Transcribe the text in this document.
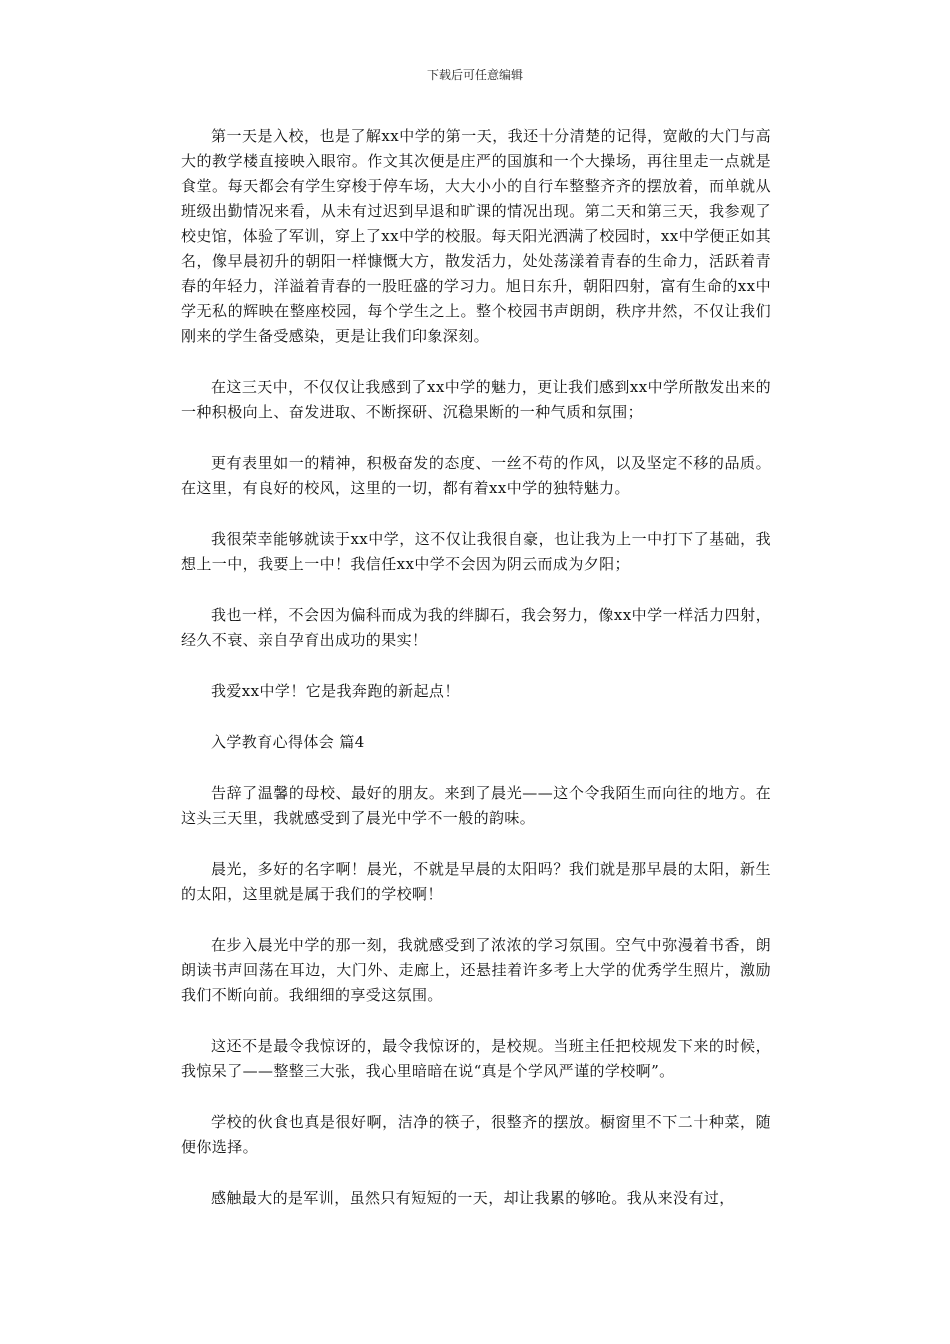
下载后可任意编辑

第一天是入校，也是了解xx中学的第一天，我还十分清楚的记得，宽敞的大门与高大的教学楼直接映入眼帘。作文其次便是庄严的国旗和一个大操场，再往里走一点就是食堂。每天都会有学生穿梭于停车场，大大小小的自行车整整齐齐的摆放着，而单就从班级出勤情况来看，从未有过迟到早退和旷课的情况出现。第二天和第三天，我参观了校史馆，体验了军训，穿上了xx中学的校服。每天阳光洒满了校园时，xx中学便正如其名，像早晨初升的朝阳一样慷慨大方，散发活力，处处荡漾着青春的生命力，活跃着青春的年轻力，洋溢着青春的一股旺盛的学习力。旭日东升，朝阳四射，富有生命的xx中学无私的辉映在整座校园，每个学生之上。整个校园书声朗朗，秩序井然，不仅让我们刚来的学生备受感染，更是让我们印象深刻。

在这三天中，不仅仅让我感到了xx中学的魅力，更让我们感到xx中学所散发出来的一种积极向上、奋发进取、不断探研、沉稳果断的一种气质和氛围；

更有表里如一的精神，积极奋发的态度、一丝不苟的作风，以及坚定不移的品质。在这里，有良好的校风，这里的一切，都有着xx中学的独特魅力。

我很荣幸能够就读于xx中学，这不仅让我很自豪，也让我为上一中打下了基础，我想上一中，我要上一中！我信任xx中学不会因为阴云而成为夕阳；

我也一样，不会因为偏科而成为我的绊脚石，我会努力，像xx中学一样活力四射，经久不衰、亲自孕育出成功的果实！

我爱xx中学！它是我奔跑的新起点！

入学教育心得体会 篇4

告辞了温馨的母校、最好的朋友。来到了晨光——这个令我陌生而向往的地方。在这头三天里，我就感受到了晨光中学不一般的韵味。

晨光，多好的名字啊！晨光，不就是早晨的太阳吗？我们就是那早晨的太阳，新生的太阳，这里就是属于我们的学校啊！

在步入晨光中学的那一刻，我就感受到了浓浓的学习氛围。空气中弥漫着书香，朗朗读书声回荡在耳边，大门外、走廊上，还悬挂着许多考上大学的优秀学生照片，激励我们不断向前。我细细的享受这氛围。

这还不是最令我惊讶的，最令我惊讶的，是校规。当班主任把校规发下来的时候，我惊呆了——整整三大张，我心里暗暗在说“真是个学风严谨的学校啊”。

学校的伙食也真是很好啊，洁净的筷子，很整齐的摆放。橱窗里不下二十种菜，随便你选择。

感触最大的是军训，虽然只有短短的一天，却让我累的够呛。我从来没有过，
